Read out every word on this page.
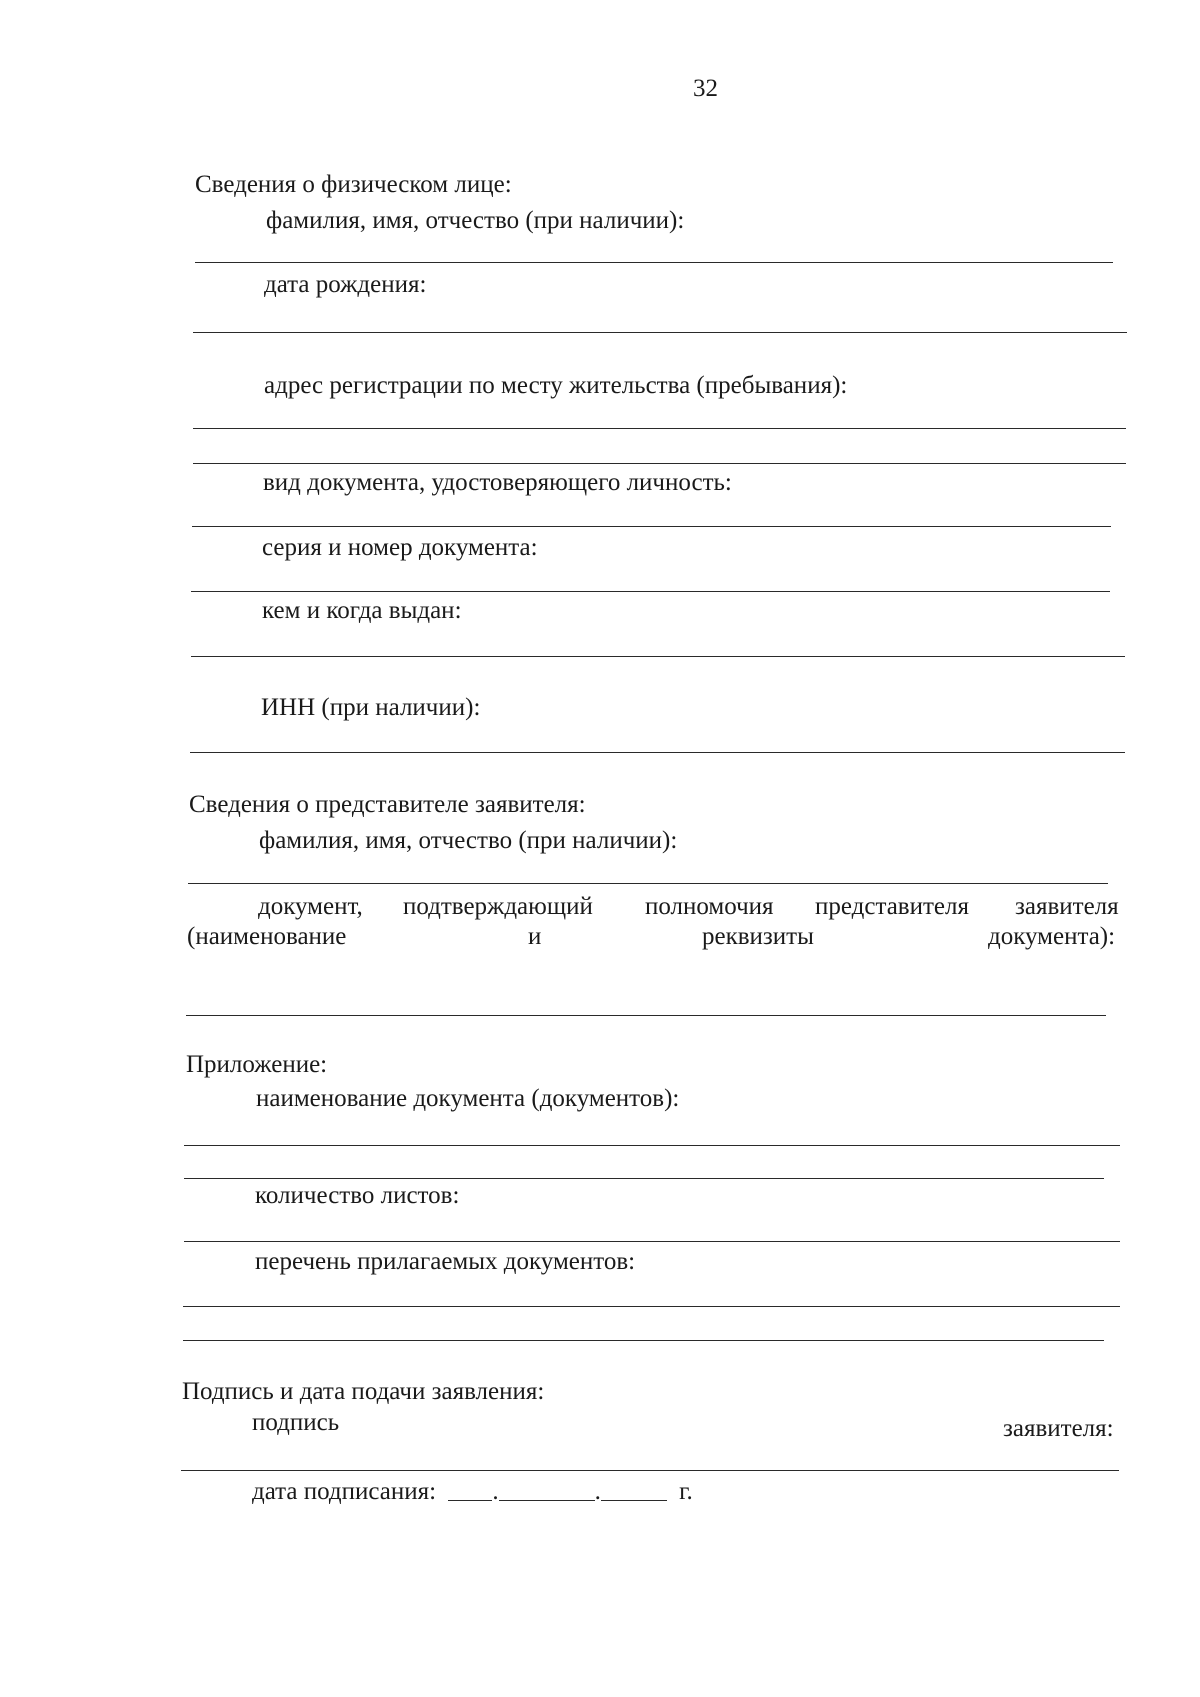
32
Сведения о физическом лице:
фамилия, имя, отчество (при наличии):
дата рождения:
адрес регистрации по месту жительства (пребывания):
вид документа, удостоверяющего личность:
серия и номер документа:
кем и когда выдан:
ИНН (при наличии):
Сведения о представителе заявителя:
фамилия, имя, отчество (при наличии):
документ, подтверждающий полномочия представителя заявителя
(наименование	и	реквизиты	документа):
Приложение:
наименование документа (документов):
количество листов:
перечень прилагаемых документов:
Подпись и дата подачи заявления:
подпись	заявителя:
дата подписания: .	.	г.
